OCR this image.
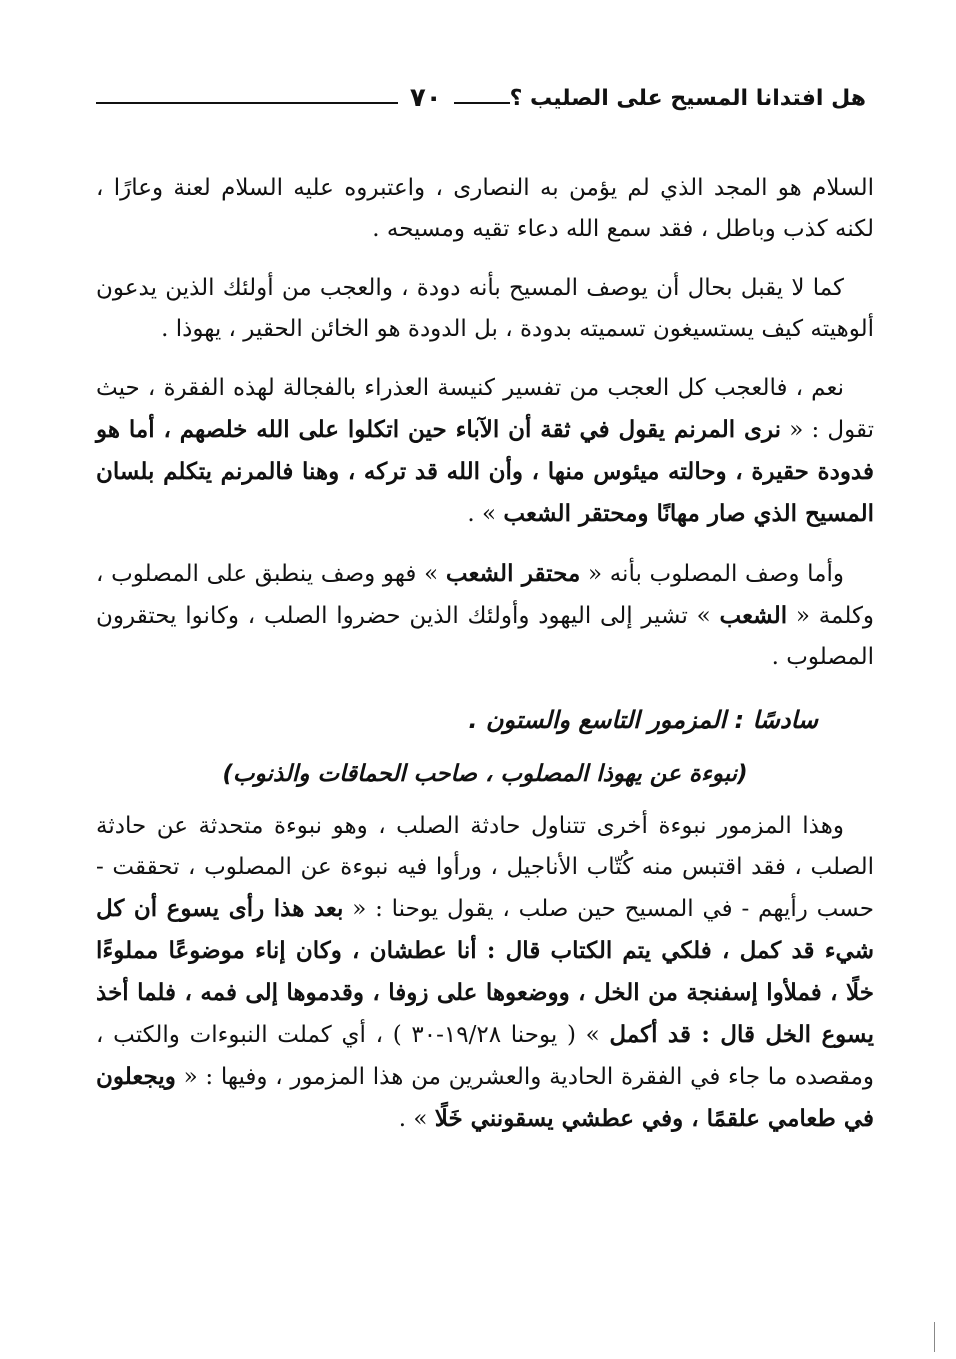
٧٠	هل افتدانا المسيح على الصليب ؟

السلام هو المجد الذي لم يؤمن به النصارى ، واعتبروه عليه السلام لعنة وعارًا ، لكنه كذب وباطل ، فقد سمع الله دعاء تقيه ومسيحه .

كما لا يقبل بحال أن يوصف المسيح بأنه دودة ، والعجب من أولئك الذين يدعون ألوهيته كيف يستسيغون تسميته بدودة ، بل الدودة هو الخائن الحقير ، يهوذا .

نعم ، فالعجب كل العجب من تفسير كنيسة العذراء بالفجالة لهذه الفقرة ، حيث تقول : « نرى المرنم يقول في ثقة أن الآباء حين اتكلوا على الله خلصهم ، أما هو فدودة حقيرة ، وحالته ميئوس منها ، وأن الله قد تركه ، وهنا فالمرنم يتكلم بلسان المسيح الذي صار مهانًا ومحتقر الشعب » .

وأما وصف المصلوب بأنه « محتقر الشعب » فهو وصف ينطبق على المصلوب ، وكلمة « الشعب » تشير إلى اليهود وأولئك الذين حضروا الصلب ، وكانوا يحتقرون المصلوب .

سادسًا : المزمور التاسع والستون .
(نبوءة عن يهوذا المصلوب ، صاحب الحماقات والذنوب)

وهذا المزمور نبوءة أخرى تتناول حادثة الصلب ، وهو نبوءة متحدثة عن حادثة الصلب ، فقد اقتبس منه كُتّاب الأناجيل ، ورأوا فيه نبوءة عن المصلوب ، تحققت - حسب رأيهم - في المسيح حين صلب ، يقول يوحنا : « بعد هذا رأى يسوع أن كل شيء قد كمل ، فلكي يتم الكتاب قال : أنا عطشان ، وكان إناء موضوعًا مملوءًا خلًا ، فملأوا إسفنجة من الخل ، ووضعوها على زوفا ، وقدموها إلى فمه ، فلما أخذ يسوع الخل قال : قد أكمل » ( يوحنا ١٩/٢٨-٣٠ ) ، أي كملت النبوءات والكتب ، ومقصده ما جاء في الفقرة الحادية والعشرين من هذا المزمور ، وفيها : « ويجعلون في طعامي علقمًا ، وفي عطشي يسقونني خَلًا » .
